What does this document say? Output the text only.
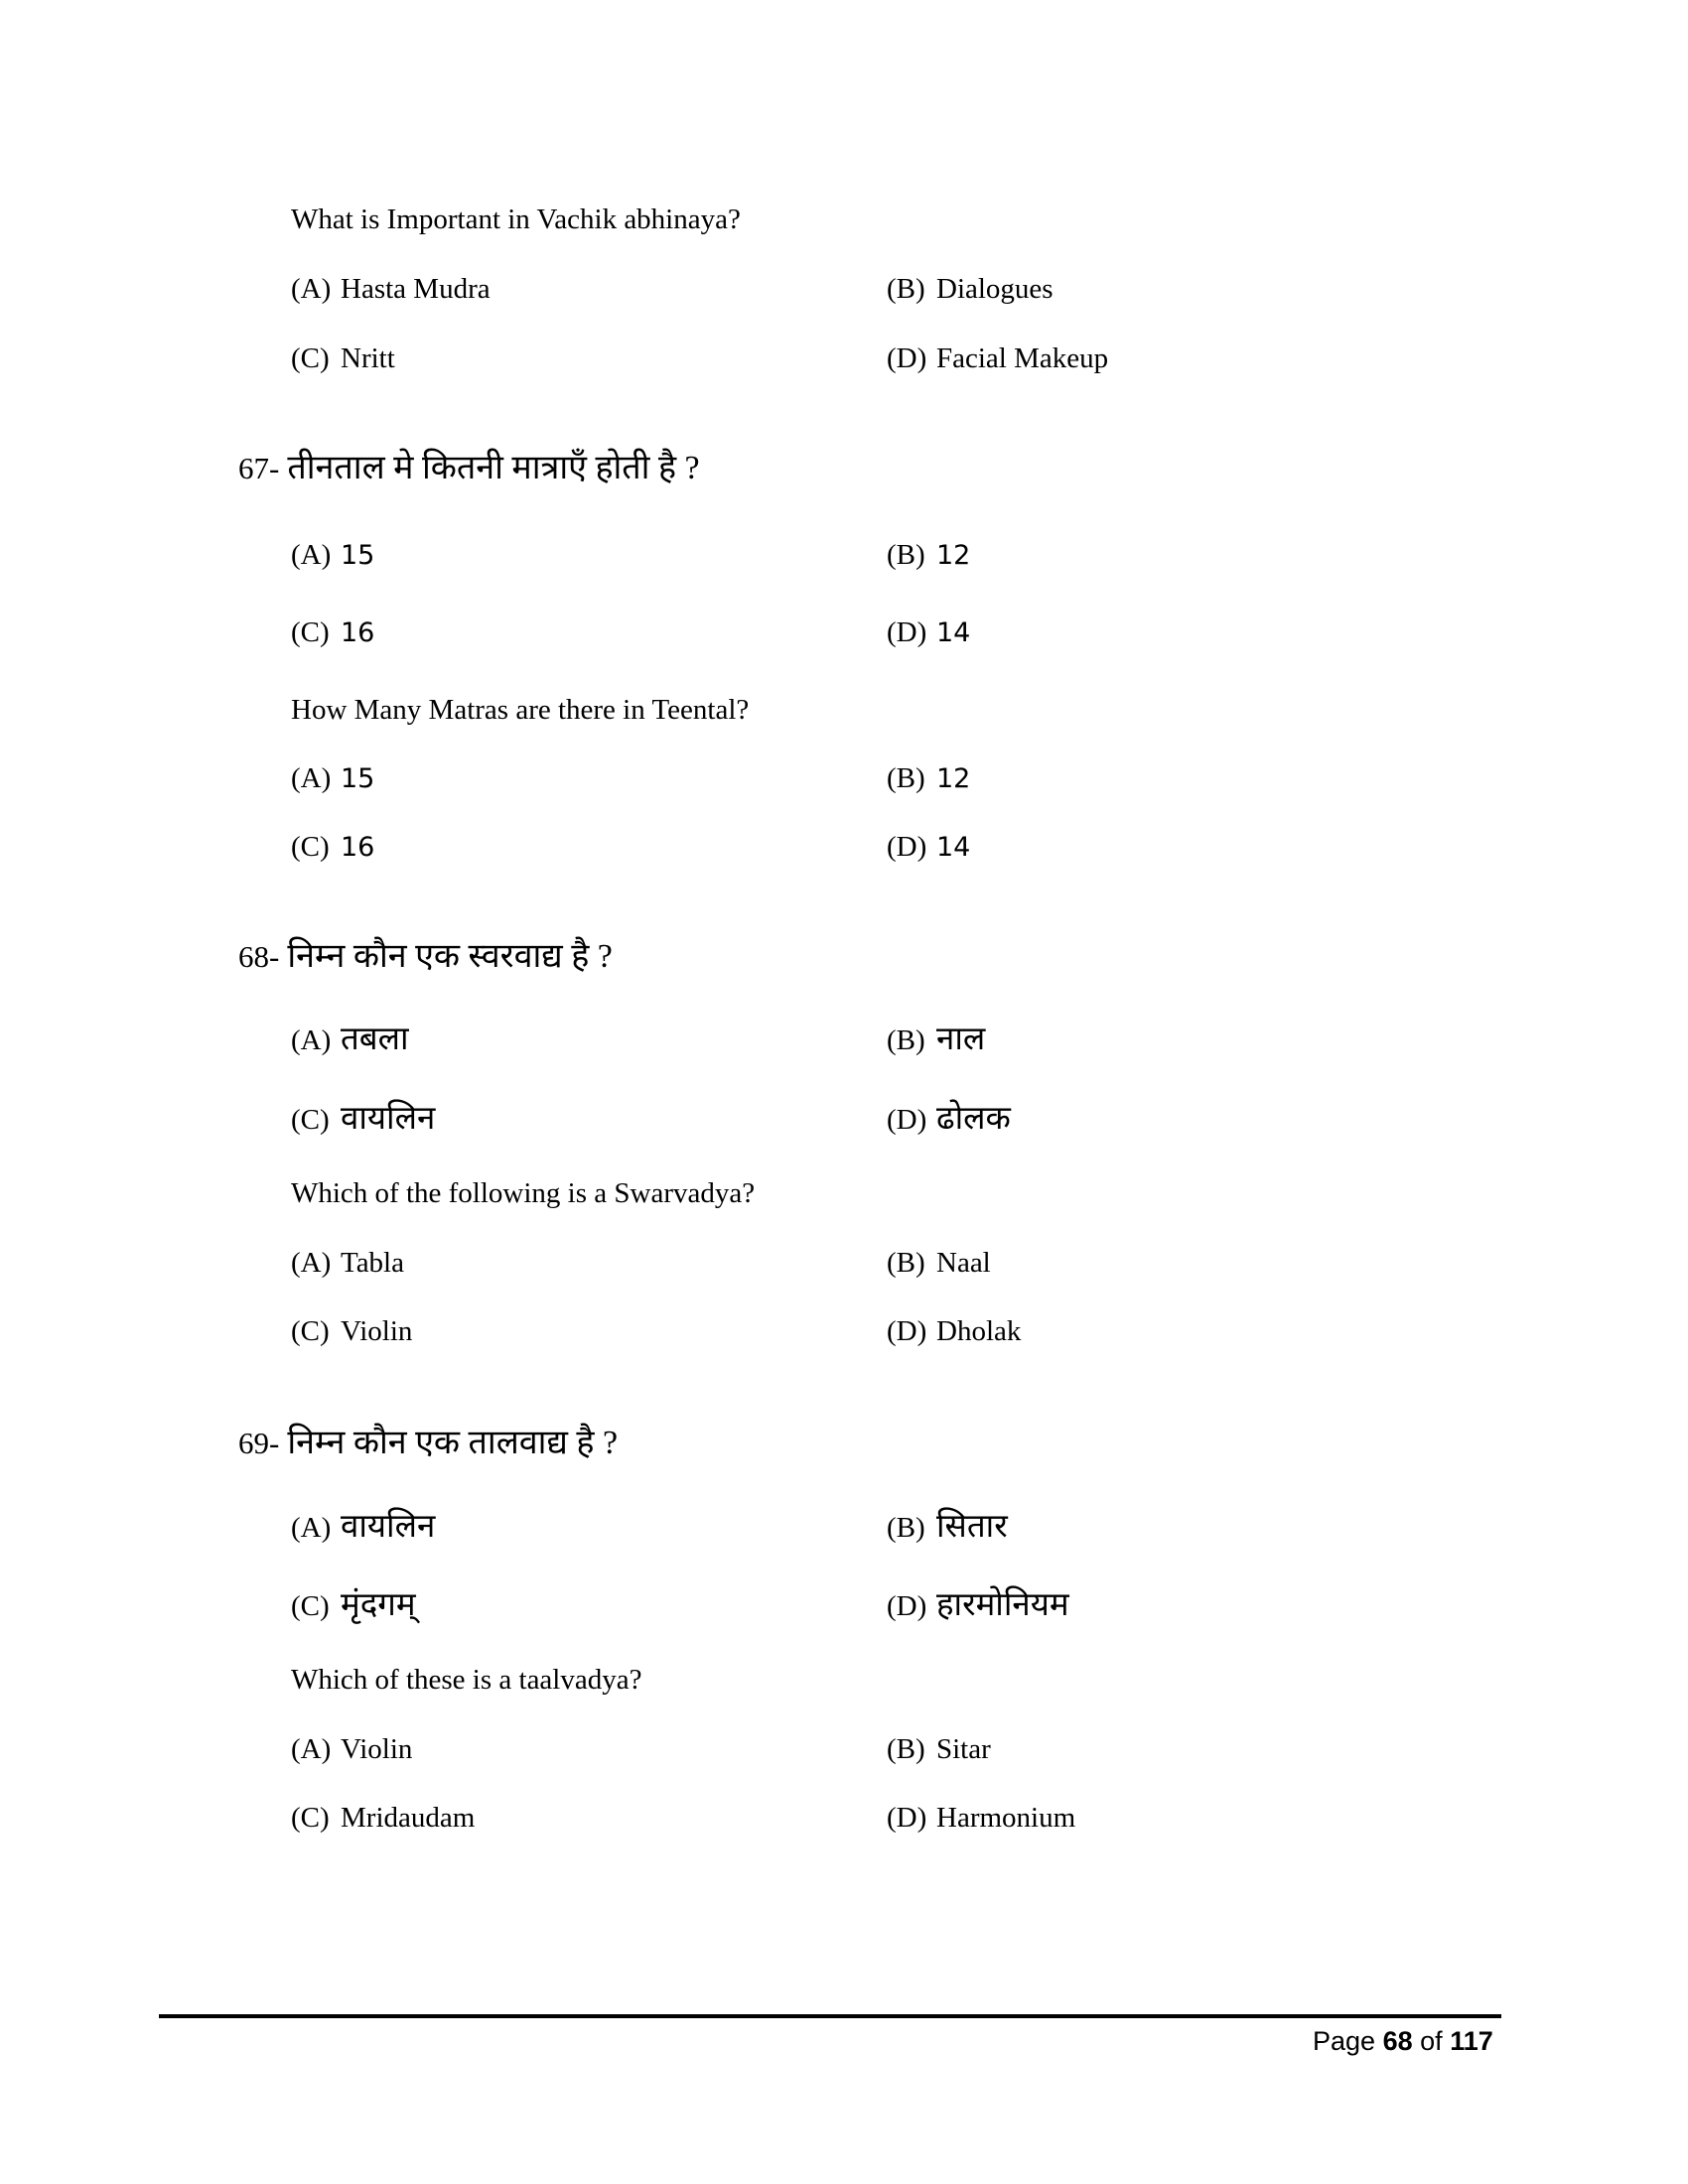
What is Important in Vachik abhinaya?
(A) Hasta Mudra	(B) Dialogues
(C) Nritt	(D) Facial Makeup
67- तीनताल मे कितनी मात्राएँ होती है ?
(A) 15	(B) 12
(C) 16	(D) 14
How Many Matras are there in Teental?
(A) 15	(B) 12
(C) 16	(D) 14
68- निम्न कौन एक स्वरवाद्य है ?
(A) तबला	(B) नाल
(C) वायलिन	(D) ढोलक
Which of the following is a Swarvadya?
(A) Tabla	(B) Naal
(C) Violin	(D) Dholak
69- निम्न कौन एक तालवाद्य है ?
(A) वायलिन	(B) सितार
(C) मृंदगम्	(D) हारमोनियम
Which of these is a taalvadya?
(A) Violin	(B) Sitar
(C) Mridaudam	(D) Harmonium
Page 68 of 117
